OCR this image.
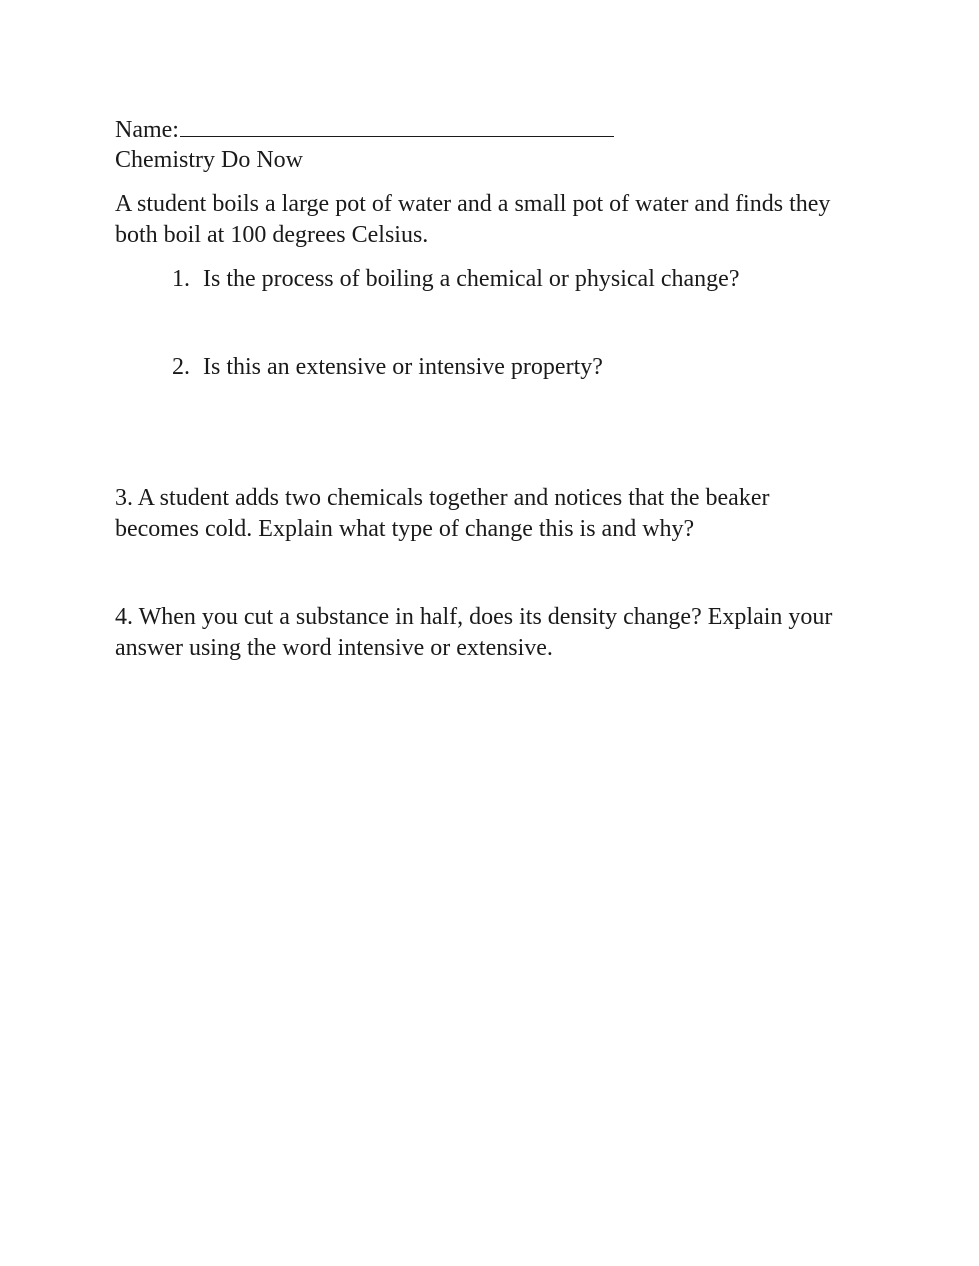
Name:
Chemistry Do Now
A student boils a large pot of water and a small pot of water and finds they
both boil at 100 degrees Celsius.
1. Is the process of boiling a chemical or physical change?
2. Is this an extensive or intensive property?
3. A student adds two chemicals together and notices that the beaker
becomes cold. Explain what type of change this is and why?
4. When you cut a substance in half, does its density change? Explain your
answer using the word intensive or extensive.
